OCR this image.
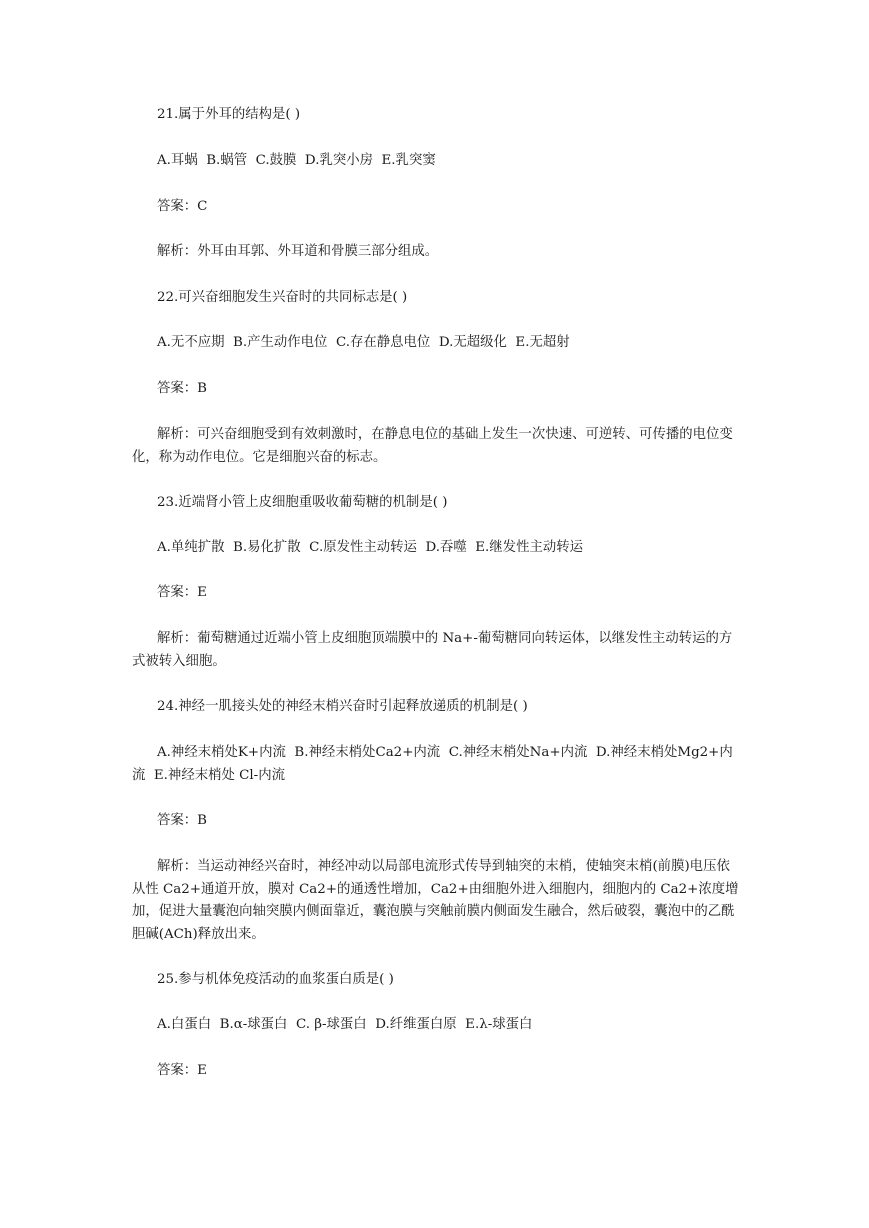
21.属于外耳的结构是( )
A.耳蜗  B.蜗管  C.鼓膜  D.乳突小房  E.乳突窦
答案：C
解析：外耳由耳郭、外耳道和骨膜三部分组成。
22.可兴奋细胞发生兴奋时的共同标志是( )
A.无不应期  B.产生动作电位  C.存在静息电位  D.无超级化  E.无超射
答案：B
解析：可兴奋细胞受到有效刺激时，在静息电位的基础上发生一次快速、可逆转、可传播的电位变化，称为动作电位。它是细胞兴奋的标志。
23.近端肾小管上皮细胞重吸收葡萄糖的机制是( )
A.单纯扩散  B.易化扩散  C.原发性主动转运  D.吞噬  E.继发性主动转运
答案：E
解析：葡萄糖通过近端小管上皮细胞顶端膜中的 Na+-葡萄糖同向转运体，以继发性主动转运的方式被转入细胞。
24.神经一肌接头处的神经末梢兴奋时引起释放递质的机制是( )
A.神经末梢处K+内流  B.神经末梢处Ca2+内流  C.神经末梢处Na+内流  D.神经末梢处Mg2+内流  E.神经末梢处 Cl-内流
答案：B
解析：当运动神经兴奋时，神经冲动以局部电流形式传导到轴突的末梢，使轴突末梢(前膜)电压依从性 Ca2+通道开放，膜对 Ca2+的通透性增加，Ca2+由细胞外进入细胞内，细胞内的 Ca2+浓度增加，促进大量囊泡向轴突膜内侧面靠近，囊泡膜与突触前膜内侧面发生融合，然后破裂，囊泡中的乙酰胆碱(ACh)释放出来。
25.参与机体免疫活动的血浆蛋白质是( )
A.白蛋白  B.α-球蛋白  C. β-球蛋白  D.纤维蛋白原  E.λ-球蛋白
答案：E
